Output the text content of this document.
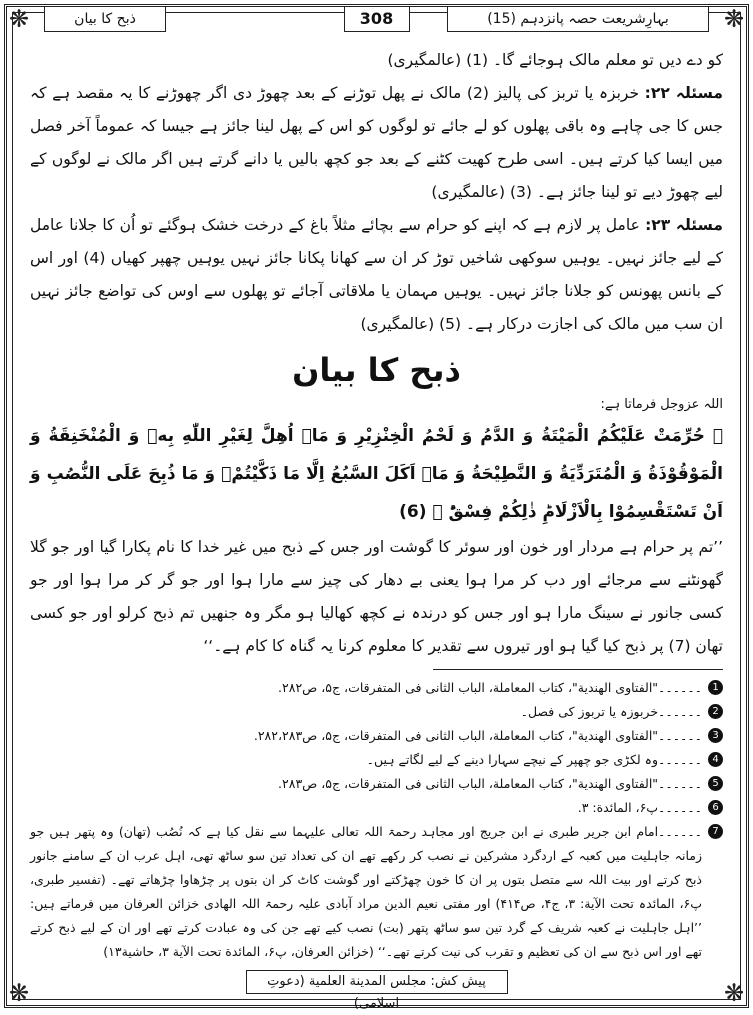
❋	❋
❋	❋
بہارِشریعت حصہ پانزدہم (15)
308
ذبح کا بیان

کو دے دیں تو معلم مالک ہوجائے گا۔ (1) (عالمگیری)

مسئلہ ۲۲: خربزہ یا تربز کی پالیز (2) مالک نے پھل توڑنے کے بعد چھوڑ دی اگر چھوڑنے کا یہ مقصد ہے کہ جس کا جی چاہے وہ باقی پھلوں کو لے جائے تو لوگوں کو اس کے پھل لینا جائز ہے جیسا کہ عموماً آخر فصل میں ایسا کیا کرتے ہیں۔ اسی طرح کھیت کٹنے کے بعد جو کچھ بالیں یا دانے گرتے ہیں اگر مالک نے لوگوں کے لیے چھوڑ دیے تو لینا جائز ہے۔ (3) (عالمگیری)

مسئلہ ۲۳: عامل پر لازم ہے کہ اپنے کو حرام سے بچائے مثلاً باغ کے درخت خشک ہوگئے تو اُن کا جلانا عامل کے لیے جائز نہیں۔ یوہیں سوکھی شاخیں توڑ کر ان سے کھانا پکانا جائز نہیں یوہیں چھپر کھیاں (4) اور اس کے بانس پھونس کو جلانا جائز نہیں۔ یوہیں مہمان یا ملاقاتی آجائے تو پھلوں سے اوس کی تواضع جائز نہیں ان سب میں مالک کی اجازت درکار ہے۔ (5) (عالمگیری)

ذبح کا بیان

اللہ عزوجل فرماتا ہے:

﴿ حُرِّمَتْ عَلَیْكُمُ الْمَیْتَةُ وَ الدَّمُ وَ لَحْمُ الْخِنْزِیْرِ وَ مَاۤ اُهِلَّ لِغَیْرِ اللّٰهِ بِهٖ وَ الْمُنْخَنِقَةُ وَ الْمَوْقُوْذَةُ وَ الْمُتَرَدِّیَةُ وَ النَّطِیْحَةُ وَ مَاۤ اَكَلَ السَّبُعُ اِلَّا مَا ذَكَّیْتُمْ۫ وَ مَا ذُبِحَ عَلَى النُّصُبِ وَ اَنْ تَسْتَقْسِمُوْا بِالْاَزْلَامِؕ ذٰلِكُمْ فِسْقٌؕ ﴾ (6)

’’تم پر حرام ہے مردار اور خون اور سوئر کا گوشت اور جس کے ذبح میں غیر خدا کا نام پکارا گیا اور جو گلا گھونٹنے سے مرجائے اور دب کر مرا ہوا یعنی بے دھار کی چیز سے مارا ہوا اور جو گر کر مرا ہوا اور جو کسی جانور نے سینگ مارا ہو اور جس کو درندہ نے کچھ کھالیا ہو مگر وہ جنھیں تم ذبح کرلو اور جو کسی تھان (7) پر ذبح کیا گیا ہو اور تیروں سے تقدیر کا معلوم کرنا یہ گناہ کا کام ہے۔‘‘

1
۔۔۔۔۔۔"الفتاوی الھندیة"، کتاب المعاملة، الباب الثانی فی المتفرقات، ج۵، ص۲۸۲.
2
۔۔۔۔۔۔خربوزہ یا تربوز کی فصل۔
3
۔۔۔۔۔۔"الفتاوی الھندیة"، کتاب المعاملة، الباب الثانی فی المتفرقات، ج۵، ص۲۸۲،۲۸۳.
4
۔۔۔۔۔۔وہ لکڑی جو چھپر کے نیچے سہارا دینے کے لیے لگاتے ہیں۔
5
۔۔۔۔۔۔"الفتاوی الھندیة"، کتاب المعاملة، الباب الثانی فی المتفرقات، ج۵، ص۲۸۳.
6
۔۔۔۔۔۔پ۶، المائدة: ۳.
7
۔۔۔۔۔۔امام ابن جریر طبری نے ابن جریج اور مجاہد رحمۃ اللہ تعالی علیہما سے نقل کیا ہے کہ نُصُب (تھان) وہ پتھر ہیں جو زمانہ جاہلیت میں کعبہ کے اردگرد مشرکین نے نصب کر رکھے تھے ان کی تعداد تین سو ساٹھ تھی، اہل عرب ان کے سامنے جانور ذبح کرتے اور بیت اللہ سے متصل بتوں پر ان کا خون چھڑکتے اور گوشت کاٹ کر ان بتوں پر چڑھاوا چڑھاتے تھے۔ (تفسیر طبری، پ۶، المائدہ تحت الآیة: ۳، ج۴، ص۴۱۴) اور مفتی نعیم الدین مراد آبادی علیہ رحمۃ اللہ الھادی خزائن العرفان میں فرماتے ہیں: ’’اہل جاہلیت نے کعبہ شریف کے گرد تین سو ساٹھ پتھر (بت) نصب کیے تھے جن کی وہ عبادت کرتے تھے اور ان کے لیے ذبح کرتے تھے اور اس ذبح سے ان کی تعظیم و تقرب کی نیت کرتے تھے۔‘‘ (خزائن العرفان، پ۶، المائدة تحت الآیة ۳، حاشیة۱۳)
پیش کش: مجلس المدینة العلمیة (دعوتِ اسلامی)
